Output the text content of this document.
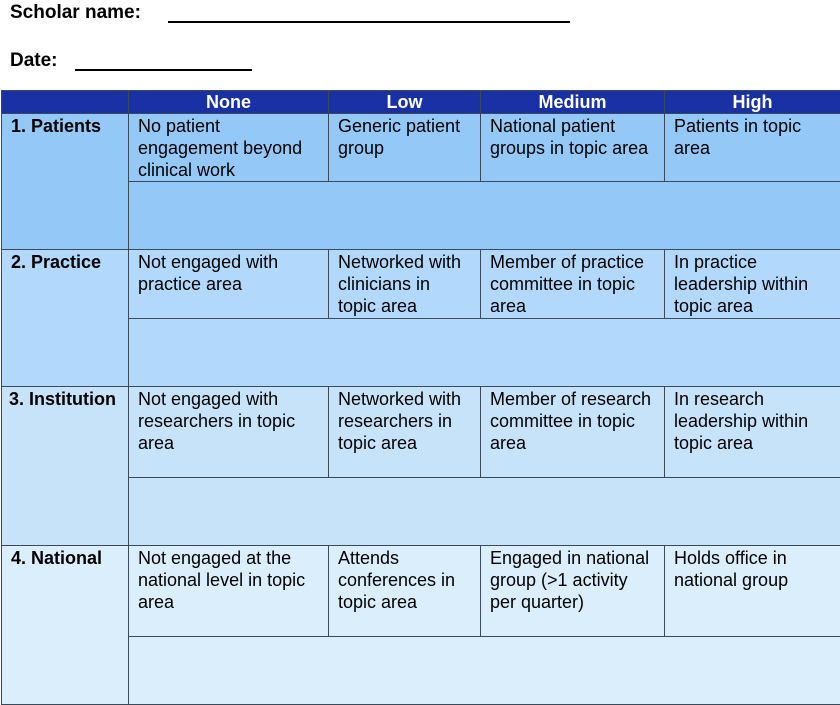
Scholar name:
Date:
	None	Low	Medium	High
1. Patients	No patient engagement beyond clinical work	Generic patient group	National patient groups in topic area	Patients in topic area

2. Practice	Not engaged with practice area	Networked with clinicians in topic area	Member of practice committee in topic area	In practice leadership within topic area

3. Institution	Not engaged with researchers in topic area	Networked with researchers in topic area	Member of research committee in topic area	In research leadership within topic area

4. National	Not engaged at the national level in topic area	Attends conferences in topic area	Engaged in national group (>1 activity per quarter)	Holds office in national group
